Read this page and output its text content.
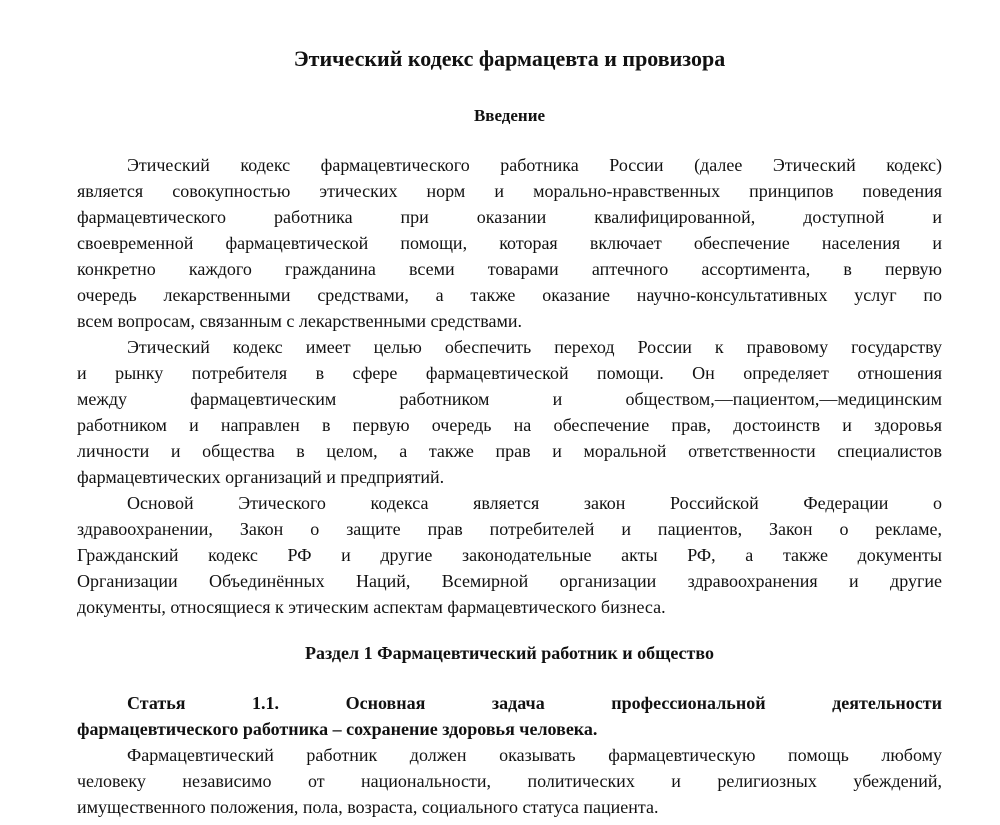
Этический кодекс фармацевта и провизора
Введение
Этический кодекс фармацевтического работника России (далее Этический кодекс)
является совокупностью этических норм и морально-нравственных принципов поведения
фармацевтического работника при оказании квалифицированной, доступной и
своевременной фармацевтической помощи, которая включает обеспечение населения и
конкретно каждого гражданина всеми товарами аптечного ассортимента, в первую
очередь лекарственными средствами, а также оказание научно-консультативных услуг по
всем вопросам, связанным с лекарственными средствами.
Этический кодекс имеет целью обеспечить переход России к правовому государству
и рынку потребителя в сфере фармацевтической помощи. Он определяет отношения
между фармацевтическим работником и обществом,—пациентом,—медицинским
работником и направлен в первую очередь на обеспечение прав, достоинств и здоровья
личности и общества в целом, а также прав и моральной ответственности специалистов
фармацевтических организаций и предприятий.
Основой Этического кодекса является закон Российской Федерации о
здравоохранении, Закон о защите прав потребителей и пациентов, Закон о рекламе,
Гражданский кодекс РФ и другие законодательные акты РФ, а также документы
Организации Объединённых Наций, Всемирной организации здравоохранения и другие
документы, относящиеся к этическим аспектам фармацевтического бизнеса.
Раздел 1 Фармацевтический работник и общество
Статья 1.1. Основная задача профессиональной деятельности
фармацевтического работника – сохранение здоровья человека.
Фармацевтический работник должен оказывать фармацевтическую помощь любому
человеку независимо от национальности, политических и религиозных убеждений,
имущественного положения, пола, возраста, социального статуса пациента.
